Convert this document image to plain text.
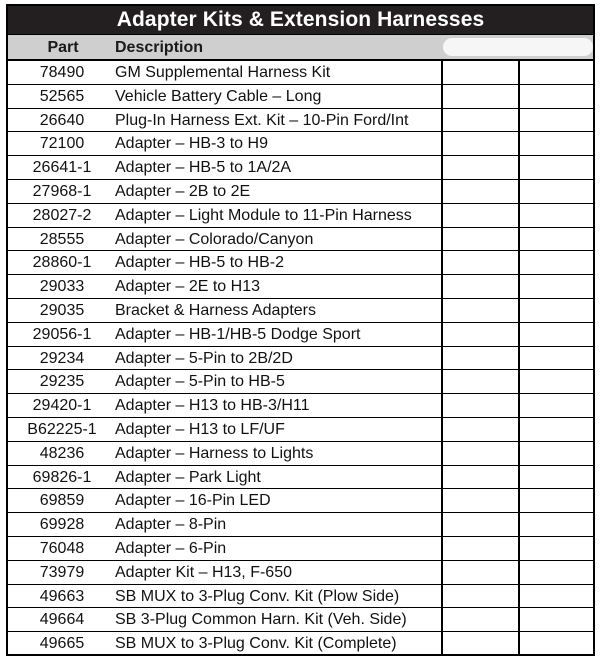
Adapter Kits & Extension Harnesses
Part	Description
78490	GM Supplemental Harness Kit
52565	Vehicle Battery Cable – Long
26640	Plug-In Harness Ext. Kit – 10-Pin Ford/Int
72100	Adapter – HB-3 to H9
26641-1	Adapter – HB-5 to 1A/2A
27968-1	Adapter – 2B to 2E
28027-2	Adapter – Light Module to 11-Pin Harness
28555	Adapter – Colorado/Canyon
28860-1	Adapter – HB-5 to HB-2
29033	Adapter – 2E to H13
29035	Bracket & Harness Adapters
29056-1	Adapter – HB-1/HB-5 Dodge Sport
29234	Adapter – 5-Pin to 2B/2D
29235	Adapter – 5-Pin to HB-5
29420-1	Adapter – H13 to HB-3/H11
B62225-1	Adapter – H13 to LF/UF
48236	Adapter – Harness to Lights
69826-1	Adapter – Park Light
69859	Adapter – 16-Pin LED
69928	Adapter – 8-Pin
76048	Adapter – 6-Pin
73979	Adapter Kit – H13, F-650
49663	SB MUX to 3-Plug Conv. Kit (Plow Side)
49664	SB 3-Plug Common Harn. Kit (Veh. Side)
49665	SB MUX to 3-Plug Conv. Kit (Complete)
